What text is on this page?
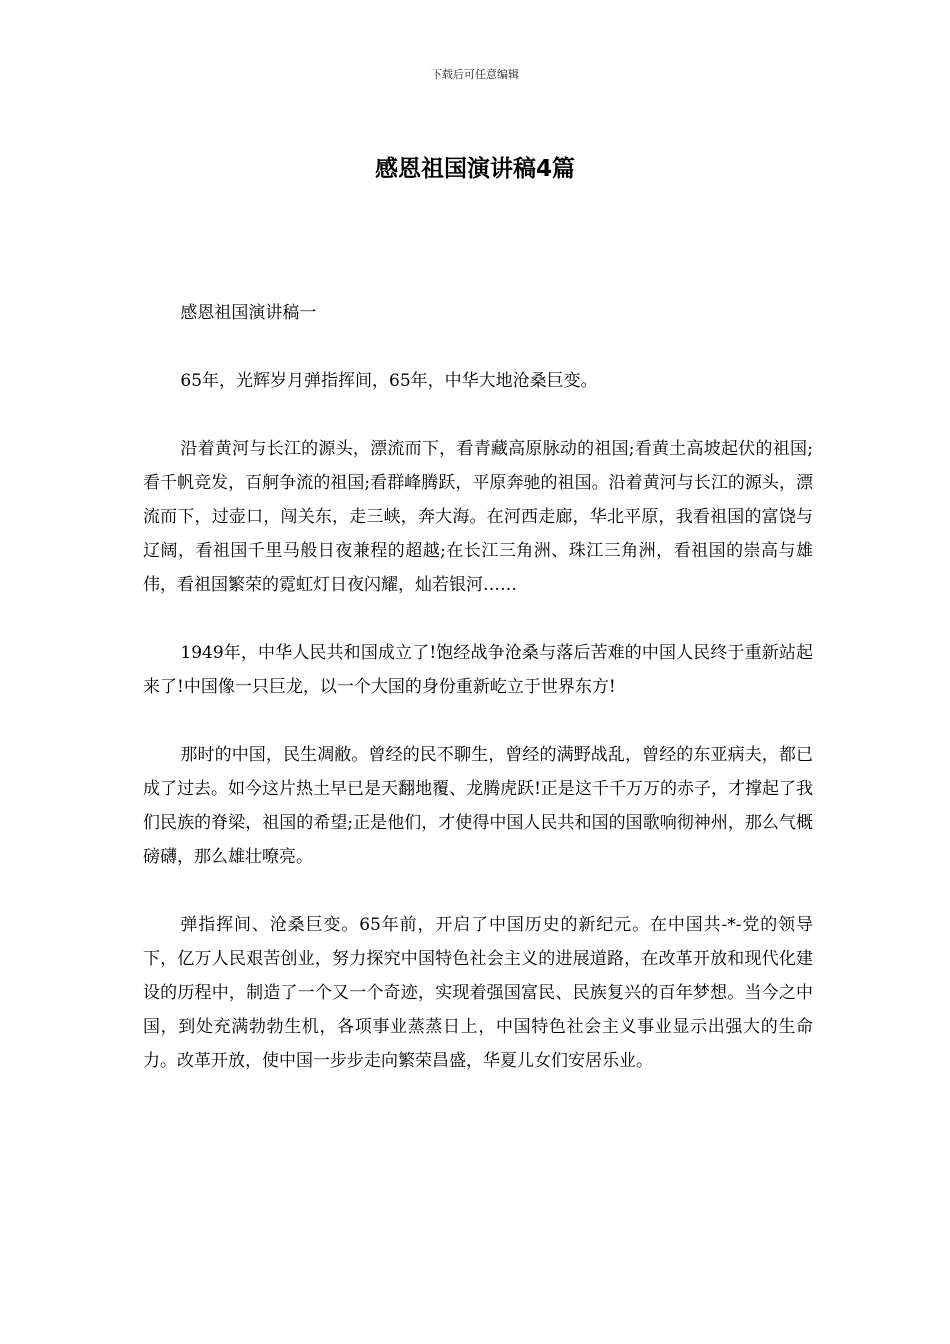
下载后可任意编辑
感恩祖国演讲稿4篇

感恩祖国演讲稿一

65年，光辉岁月弹指挥间，65年，中华大地沧桑巨变。

沿着黄河与长江的源头，漂流而下，看青藏高原脉动的祖国;看黄土高坡起伏的祖国;看千帆竞发，百舸争流的祖国;看群峰腾跃，平原奔驰的祖国。沿着黄河与长江的源头，漂流而下，过壶口，闯关东，走三峡，奔大海。在河西走廊，华北平原，我看祖国的富饶与辽阔，看祖国千里马般日夜兼程的超越;在长江三角洲、珠江三角洲，看祖国的崇高与雄伟，看祖国繁荣的霓虹灯日夜闪耀，灿若银河……

1949年，中华人民共和国成立了!饱经战争沧桑与落后苦难的中国人民终于重新站起来了!中国像一只巨龙，以一个大国的身份重新屹立于世界东方!

那时的中国，民生凋敝。曾经的民不聊生，曾经的满野战乱，曾经的东亚病夫，都已成了过去。如今这片热土早已是天翻地覆、龙腾虎跃!正是这千千万万的赤子，才撑起了我们民族的脊梁，祖国的希望;正是他们，才使得中国人民共和国的国歌响彻神州，那么气概磅礴，那么雄壮嘹亮。

弹指挥间、沧桑巨变。65年前，开启了中国历史的新纪元。在中国共-*-党的领导下，亿万人民艰苦创业，努力探究中国特色社会主义的进展道路，在改革开放和现代化建设的历程中，制造了一个又一个奇迹，实现着强国富民、民族复兴的百年梦想。当今之中国，到处充满勃勃生机，各项事业蒸蒸日上，中国特色社会主义事业显示出强大的生命力。改革开放，使中国一步步走向繁荣昌盛，华夏儿女们安居乐业。
